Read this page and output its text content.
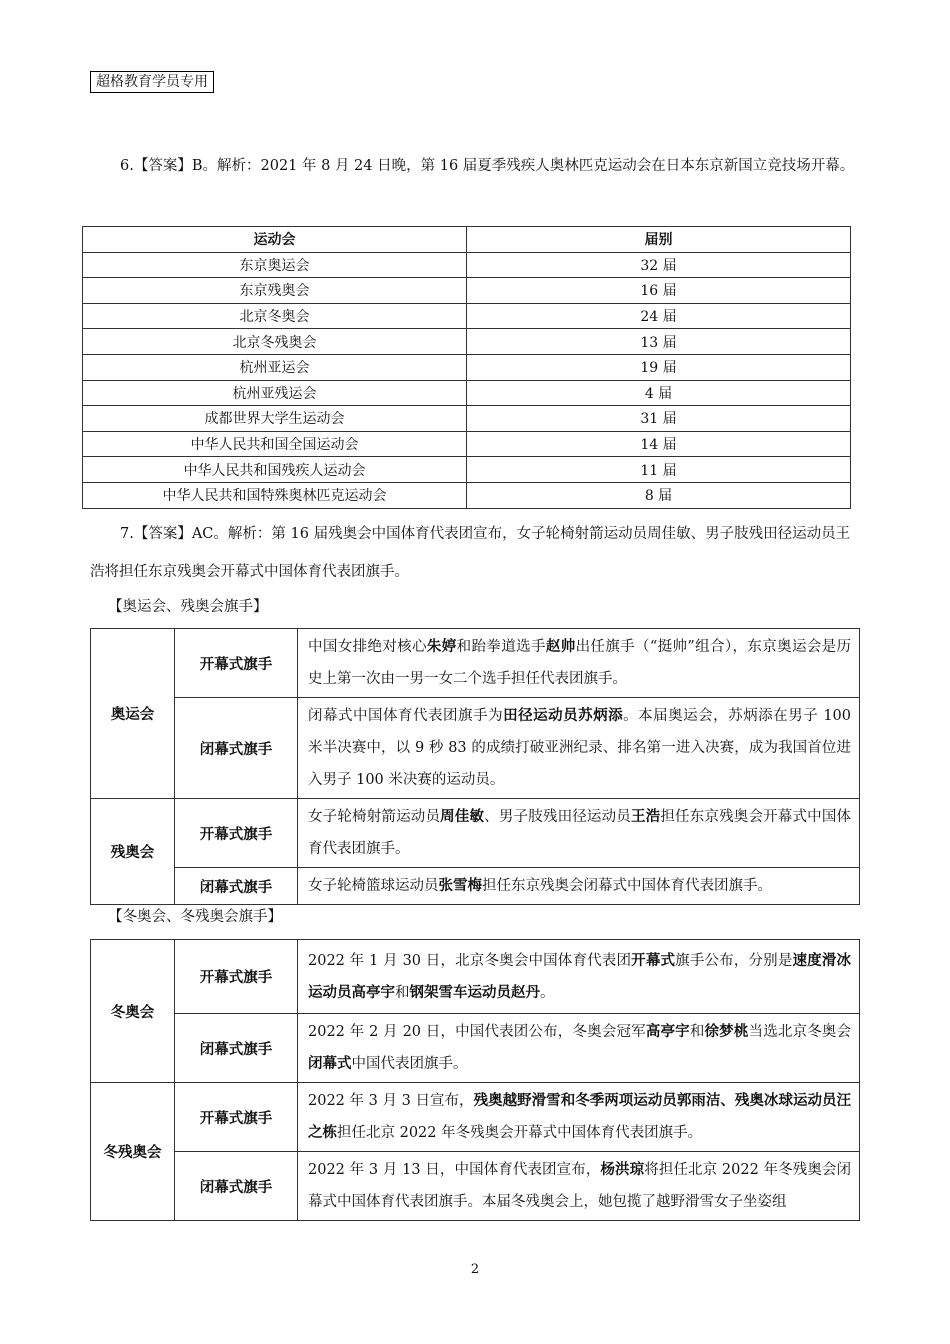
超格教育学员专用

6.【答案】B。解析：2021 年 8 月 24 日晚，第 16 届夏季残疾人奥林匹克运动会在日本东京新国立竞技场开幕。

运动会	届别
东京奥运会	32 届
东京残奥会	16 届
北京冬奥会	24 届
北京冬残奥会	13 届
杭州亚运会	19 届
杭州亚残运会	4 届
成都世界大学生运动会	31 届
中华人民共和国全国运动会	14 届
中华人民共和国残疾人运动会	11 届
中华人民共和国特殊奥林匹克运动会	8 届

7.【答案】AC。解析：第 16 届残奥会中国体育代表团宣布，女子轮椅射箭运动员周佳敏、男子肢残田径运动员王浩将担任东京残奥会开幕式中国体育代表团旗手。

【奥运会、残奥会旗手】
奥运会	开幕式旗手	中国女排绝对核心朱婷和跆拳道选手赵帅出任旗手（“挺帅”组合），东京奥运会是历史上第一次由一男一女二个选手担任代表团旗手。
	闭幕式旗手	闭幕式中国体育代表团旗手为田径运动员苏炳添。本届奥运会，苏炳添在男子 100 米半决赛中，以 9 秒 83 的成绩打破亚洲纪录、排名第一进入决赛，成为我国首位进入男子 100 米决赛的运动员。
残奥会	开幕式旗手	女子轮椅射箭运动员周佳敏、男子肢残田径运动员王浩担任东京残奥会开幕式中国体育代表团旗手。
	闭幕式旗手	女子轮椅篮球运动员张雪梅担任东京残奥会闭幕式中国体育代表团旗手。
【冬奥会、冬残奥会旗手】
冬奥会	开幕式旗手	2022 年 1 月 30 日，北京冬奥会中国体育代表团开幕式旗手公布，分别是速度滑冰运动员高亭宇和钢架雪车运动员赵丹。
	闭幕式旗手	2022 年 2 月 20 日，中国代表团公布，冬奥会冠军高亭宇和徐梦桃当选北京冬奥会闭幕式中国代表团旗手。
冬残奥会	开幕式旗手	2022 年 3 月 3 日宣布，残奥越野滑雪和冬季两项运动员郭雨洁、残奥冰球运动员汪之栋担任北京 2022 年冬残奥会开幕式中国体育代表团旗手。
	闭幕式旗手	2022 年 3 月 13 日，中国体育代表团宣布，杨洪琼将担任北京 2022 年冬残奥会闭幕式中国体育代表团旗手。本届冬残奥会上，她包揽了越野滑雪女子坐姿组
2
